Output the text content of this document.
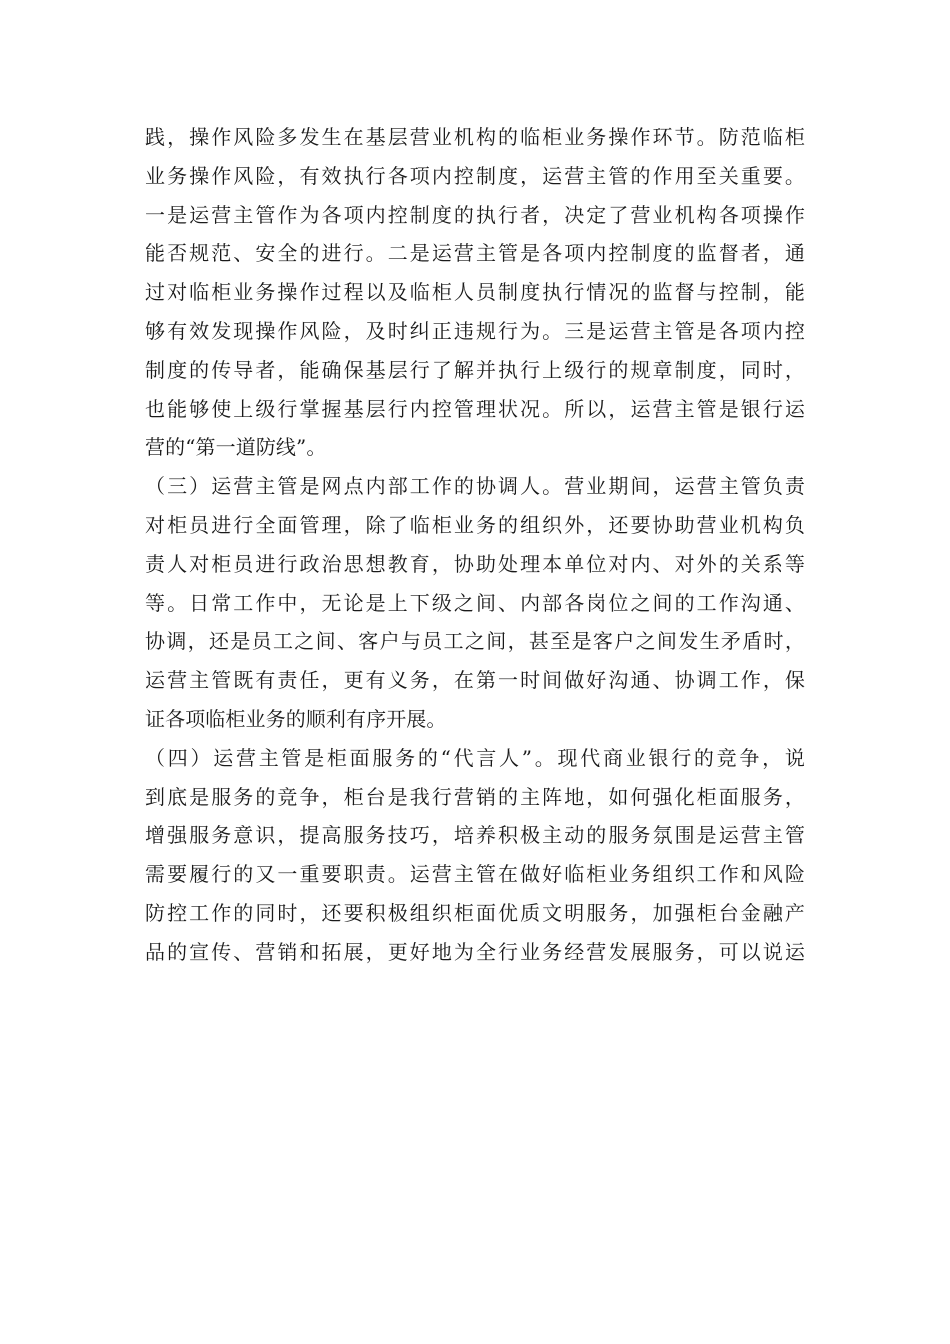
践，操作风险多发生在基层营业机构的临柜业务操作环节。防范临柜
业务操作风险，有效执行各项内控制度，运营主管的作用至关重要。
一是运营主管作为各项内控制度的执行者，决定了营业机构各项操作
能否规范、安全的进行。二是运营主管是各项内控制度的监督者，通
过对临柜业务操作过程以及临柜人员制度执行情况的监督与控制，能
够有效发现操作风险，及时纠正违规行为。三是运营主管是各项内控
制度的传导者，能确保基层行了解并执行上级行的规章制度，同时，
也能够使上级行掌握基层行内控管理状况。所以，运营主管是银行运
营的“第一道防线”。
（三）运营主管是网点内部工作的协调人。营业期间，运营主管负责
对柜员进行全面管理，除了临柜业务的组织外，还要协助营业机构负
责人对柜员进行政治思想教育，协助处理本单位对内、对外的关系等
等。日常工作中，无论是上下级之间、内部各岗位之间的工作沟通、
协调，还是员工之间、客户与员工之间，甚至是客户之间发生矛盾时，
运营主管既有责任，更有义务，在第一时间做好沟通、协调工作，保
证各项临柜业务的顺利有序开展。
（四）运营主管是柜面服务的“代言人”。现代商业银行的竞争，说
到底是服务的竞争，柜台是我行营销的主阵地，如何强化柜面服务，
增强服务意识，提高服务技巧，培养积极主动的服务氛围是运营主管
需要履行的又一重要职责。运营主管在做好临柜业务组织工作和风险
防控工作的同时，还要积极组织柜面优质文明服务，加强柜台金融产
品的宣传、营销和拓展，更好地为全行业务经营发展服务，可以说运
